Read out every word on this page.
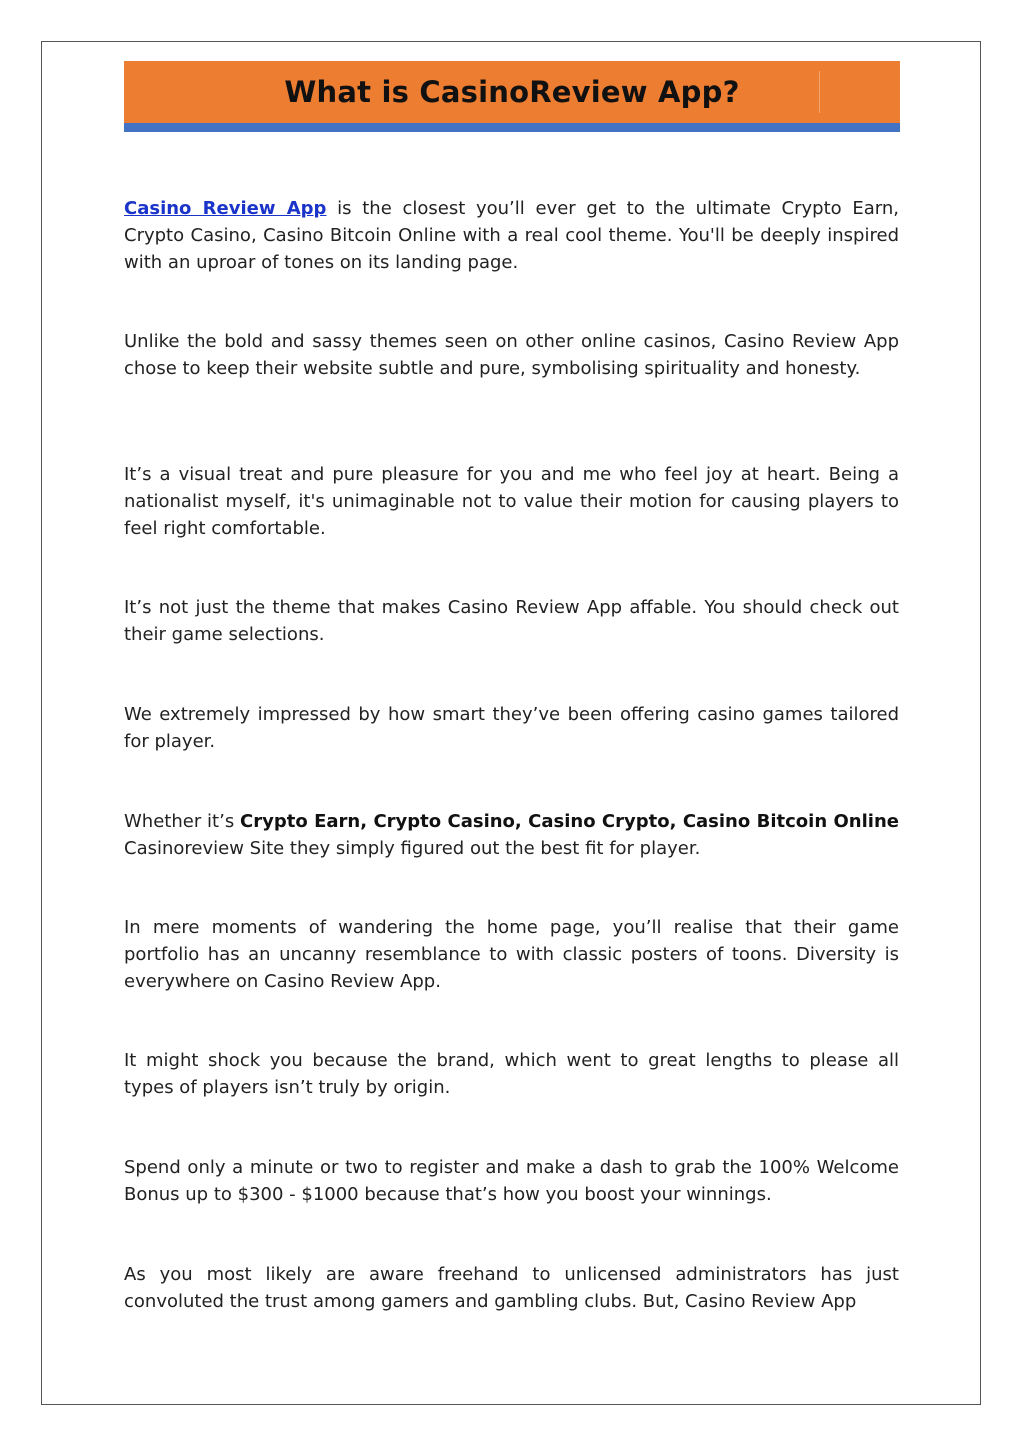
What is CasinoReview App?

Casino Review App is the closest you’ll ever get to the ultimate Crypto Earn, Crypto Casino, Casino Bitcoin Online with a real cool theme. You'll be deeply inspired with an uproar of tones on its landing page.

Unlike the bold and sassy themes seen on other online casinos, Casino Review App chose to keep their website subtle and pure, symbolising spirituality and honesty.

It’s a visual treat and pure pleasure for you and me who feel joy at heart. Being a nationalist myself, it's unimaginable not to value their motion for causing players to feel right comfortable.

It’s not just the theme that makes Casino Review App affable. You should check out their game selections.

We extremely impressed by how smart they’ve been offering casino games tailored for player.

Whether it’s Crypto Earn, Crypto Casino, Casino Crypto, Casino Bitcoin Online Casinoreview Site they simply figured out the best fit for player.

In mere moments of wandering the home page, you’ll realise that their game portfolio has an uncanny resemblance to with classic posters of toons. Diversity is everywhere on Casino Review App.

It might shock you because the brand, which went to great lengths to please all types of players isn’t truly by origin.

Spend only a minute or two to register and make a dash to grab the 100% Welcome Bonus up to $300 - $1000 because that’s how you boost your winnings.

As you most likely are aware freehand to unlicensed administrators has just convoluted the trust among gamers and gambling clubs. But, Casino Review App
